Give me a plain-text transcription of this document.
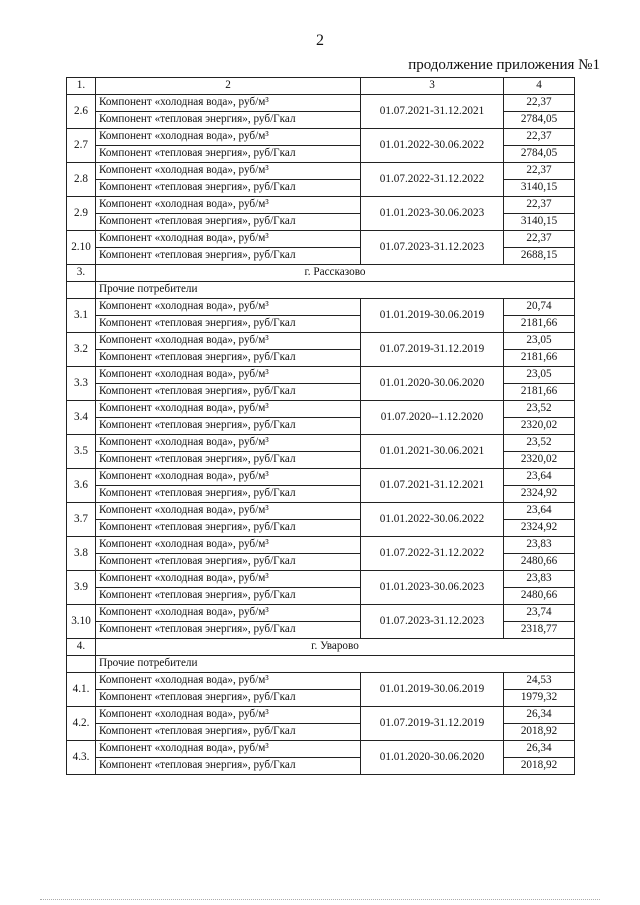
2
продолжение приложения №1
1.	2	3	4
2.6	Компонент «холодная вода», руб/м³	01.07.2021-31.12.2021	22,37
	Компонент «тепловая энергия», руб/Гкал		2784,05
2.7	Компонент «холодная вода», руб/м³	01.01.2022-30.06.2022	22,37
	Компонент «тепловая энергия», руб/Гкал		2784,05
2.8	Компонент «холодная вода», руб/м³	01.07.2022-31.12.2022	22,37
	Компонент «тепловая энергия», руб/Гкал		3140,15
2.9	Компонент «холодная вода», руб/м³	01.01.2023-30.06.2023	22,37
	Компонент «тепловая энергия», руб/Гкал		3140,15
2.10	Компонент «холодная вода», руб/м³	01.07.2023-31.12.2023	22,37
	Компонент «тепловая энергия», руб/Гкал		2688,15
3.	г. Рассказово		
	Прочие потребители		
3.1	Компонент «холодная вода», руб/м³	01.01.2019-30.06.2019	20,74
	Компонент «тепловая энергия», руб/Гкал		2181,66
3.2	Компонент «холодная вода», руб/м³	01.07.2019-31.12.2019	23,05
	Компонент «тепловая энергия», руб/Гкал		2181,66
3.3	Компонент «холодная вода», руб/м³	01.01.2020-30.06.2020	23,05
	Компонент «тепловая энергия», руб/Гкал		2181,66
3.4	Компонент «холодная вода», руб/м³	01.07.2020--1.12.2020	23,52
	Компонент «тепловая энергия», руб/Гкал		2320,02
3.5	Компонент «холодная вода», руб/м³	01.01.2021-30.06.2021	23,52
	Компонент «тепловая энергия», руб/Гкал		2320,02
3.6	Компонент «холодная вода», руб/м³	01.07.2021-31.12.2021	23,64
	Компонент «тепловая энергия», руб/Гкал		2324,92
3.7	Компонент «холодная вода», руб/м³	01.01.2022-30.06.2022	23,64
	Компонент «тепловая энергия», руб/Гкал		2324,92
3.8	Компонент «холодная вода», руб/м³	01.07.2022-31.12.2022	23,83
	Компонент «тепловая энергия», руб/Гкал		2480,66
3.9	Компонент «холодная вода», руб/м³	01.01.2023-30.06.2023	23,83
	Компонент «тепловая энергия», руб/Гкал		2480,66
3.10	Компонент «холодная вода», руб/м³	01.07.2023-31.12.2023	23,74
	Компонент «тепловая энергия», руб/Гкал		2318,77
4.	г. Уварово		
	Прочие потребители		
4.1.	Компонент «холодная вода», руб/м³	01.01.2019-30.06.2019	24,53
	Компонент «тепловая энергия», руб/Гкал		1979,32
4.2.	Компонент «холодная вода», руб/м³	01.07.2019-31.12.2019	26,34
	Компонент «тепловая энергия», руб/Гкал		2018,92
4.3.	Компонент «холодная вода», руб/м³	01.01.2020-30.06.2020	26,34
	Компонент «тепловая энергия», руб/Гкал		2018,92
